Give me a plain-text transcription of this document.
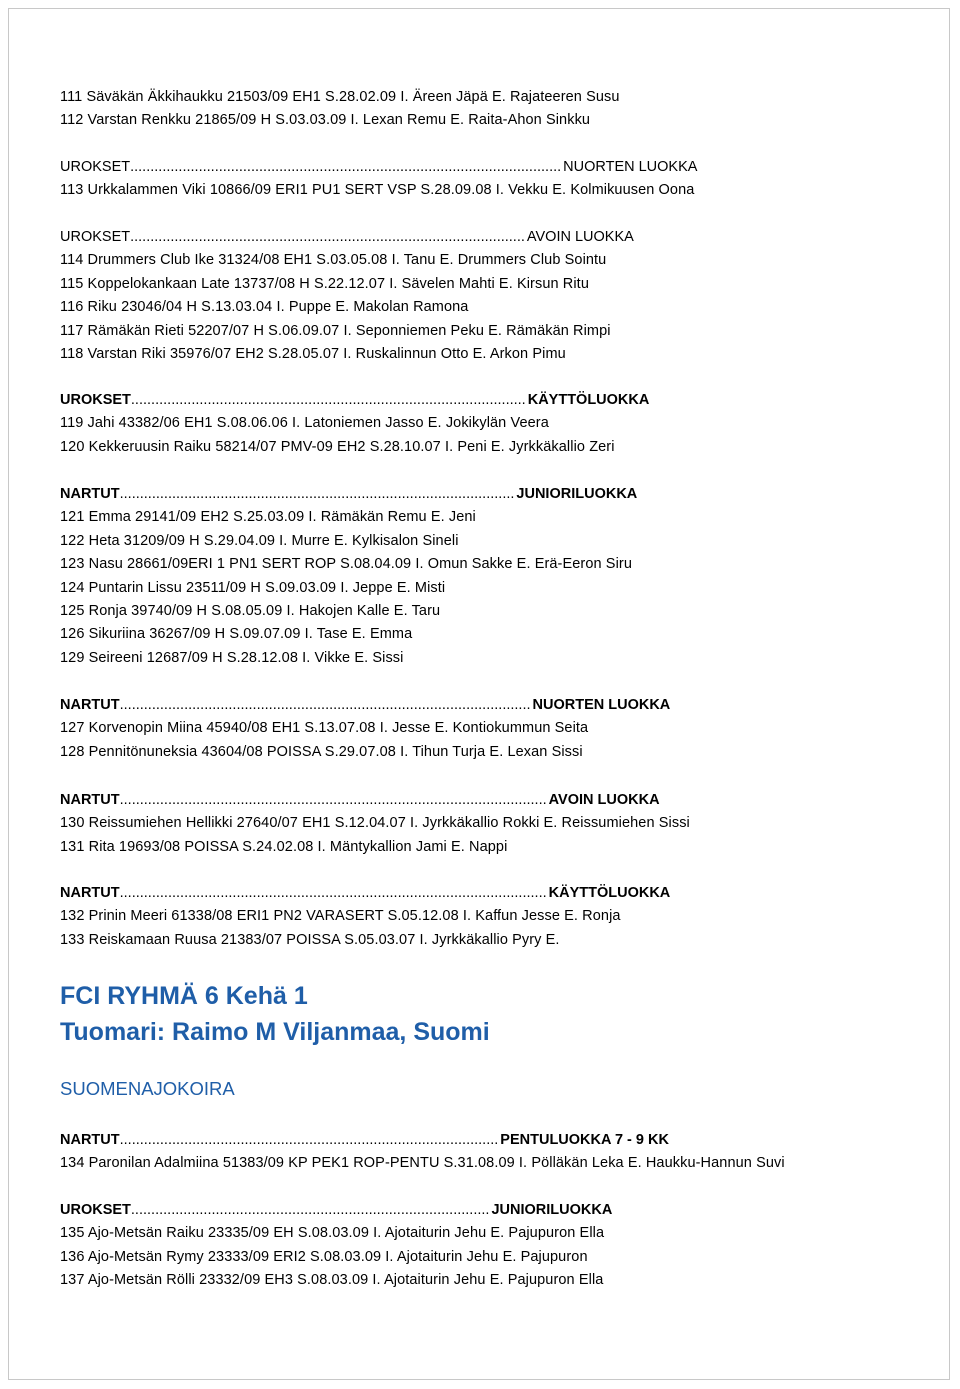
111 Säväkän Äkkihaukku 21503/09 EH1 S.28.02.09 I. Äreen Jäpä E. Rajateeren Susu
112 Varstan Renkku 21865/09 H S.03.03.09 I. Lexan Remu E. Raita-Ahon Sinkku
UROKSET ........................................................................................................... NUORTEN LUOKKA
113 Urkkalammen Viki 10866/09 ERI1 PU1 SERT VSP S.28.09.08 I. Vekku E. Kolmikuusen Oona
UROKSET .................................................................................................. AVOIN LUOKKA
114 Drummers Club Ike 31324/08 EH1 S.03.05.08 I. Tanu E. Drummers Club Sointu
115 Koppelokankaan Late 13737/08 H S.22.12.07 I. Sävelen Mahti E. Kirsun Ritu
116 Riku 23046/04 H S.13.03.04 I. Puppe E. Makolan Ramona
117 Rämäkän Rieti 52207/07 H S.06.09.07 I. Seponniemen Peku E. Rämäkän Rimpi
118 Varstan Riki 35976/07 EH2 S.28.05.07 I. Ruskalinnun Otto E. Arkon Pimu
UROKSET .................................................................................................. KÄYTTÖLUOKKA
119 Jahi 43382/06 EH1 S.08.06.06 I. Latoniemen Jasso E. Jokikylän Veera
120 Kekkeruusin Raiku 58214/07 PMV-09 EH2 S.28.10.07 I. Peni E. Jyrkkäkallio Zeri
NARTUT .................................................................................................. JUNIORILUOKKA
121 Emma 29141/09 EH2 S.25.03.09 I. Rämäkän Remu E. Jeni
122 Heta 31209/09 H S.29.04.09 I. Murre E. Kylkisalon Sineli
123 Nasu 28661/09ERI 1 PN1 SERT ROP S.08.04.09 I. Omun Sakke E. Erä-Eeron Siru
124 Puntarin Lissu 23511/09 H S.09.03.09 I. Jeppe E. Misti
125 Ronja 39740/09 H S.08.05.09 I. Hakojen Kalle E. Taru
126 Sikuriina 36267/09 H S.09.07.09 I. Tase E. Emma
129 Seireeni 12687/09 H S.28.12.08 I. Vikke E. Sissi
NARTUT ...................................................................................................... NUORTEN LUOKKA
127 Korvenopin Miina 45940/08 EH1 S.13.07.08 I. Jesse E. Kontiokummun Seita
128 Pennitönuneksia 43604/08 POISSA S.29.07.08 I. Tihun Turja E. Lexan Sissi
NARTUT .......................................................................................................... AVOIN LUOKKA
130 Reissumiehen Hellikki 27640/07 EH1 S.12.04.07 I. Jyrkkäkallio Rokki E. Reissumiehen Sissi
131 Rita 19693/08 POISSA S.24.02.08 I. Mäntykallion Jami E. Nappi
NARTUT .......................................................................................................... KÄYTTÖLUOKKA
132 Prinin Meeri 61338/08 ERI1 PN2 VARASERT S.05.12.08 I. Kaffun Jesse E. Ronja
133 Reiskamaan Ruusa 21383/07 POISSA S.05.03.07 I. Jyrkkäkallio Pyry E.
FCI RYHMÄ 6 Kehä 1
Tuomari: Raimo M Viljanmaa, Suomi
SUOMENAJOKOIRA
NARTUT .............................................................................................. PENTULUOKKA 7 - 9 KK
134 Paronilan Adalmiina 51383/09 KP PEK1 ROP-PENTU S.31.08.09 I. Pölläkän Leka E. Haukku-Hannun Suvi
UROKSET ......................................................................................... JUNIORILUOKKA
135 Ajo-Metsän Raiku 23335/09 EH S.08.03.09 I. Ajotaiturin Jehu E. Pajupuron Ella
136 Ajo-Metsän Rymy 23333/09 ERI2 S.08.03.09 I. Ajotaiturin Jehu E. Pajupuron
137 Ajo-Metsän Rölli 23332/09 EH3 S.08.03.09 I. Ajotaiturin Jehu E. Pajupuron Ella
